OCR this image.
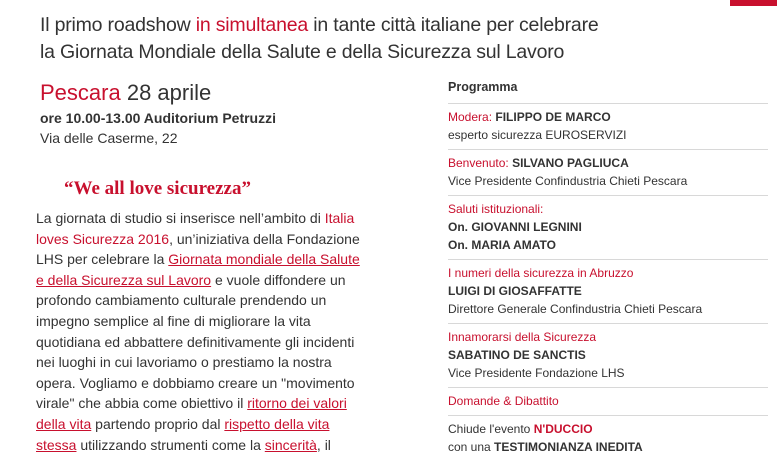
Il primo roadshow in simultanea in tante città italiane per celebrare
la Giornata Mondiale della Salute e della Sicurezza sul Lavoro
Pescara 28 aprile
ore 10.00-13.00 Auditorium Petruzzi
Via delle Caserme, 22
“We all love sicurezza”
La giornata di studio si inserisce nell’ambito di Italia loves Sicurezza 2016, un’iniziativa della Fondazione LHS per celebrare la Giornata mondiale della Salute e della Sicurezza sul Lavoro e vuole diffondere un profondo cambiamento culturale prendendo un impegno semplice al fine di migliorare la vita quotidiana ed abbattere definitivamente gli incidenti nei luoghi in cui lavoriamo o prestiamo la nostra opera. Vogliamo e dobbiamo creare un "movimento virale" che abbia come obiettivo il ritorno dei valori della vita partendo proprio dal rispetto della vita stessa utilizzando strumenti come la sincerità, il
Programma
Modera: FILIPPO DE MARCO
esperto sicurezza EUROSERVIZI
Benvenuto: SILVANO PAGLIUCA
Vice Presidente Confindustria Chieti Pescara
Saluti istituzionali:
On. GIOVANNI LEGNINI
On. MARIA AMATO
I numeri della sicurezza in Abruzzo
LUIGI DI GIOSAFFATTE
Direttore Generale Confindustria Chieti Pescara
Innamorarsi della Sicurezza
SABATINO DE SANCTIS
Vice Presidente Fondazione LHS
Domande & Dibattito
Chiude l'evento N'DUCCIO
con una TESTIMONIANZA INEDITA
